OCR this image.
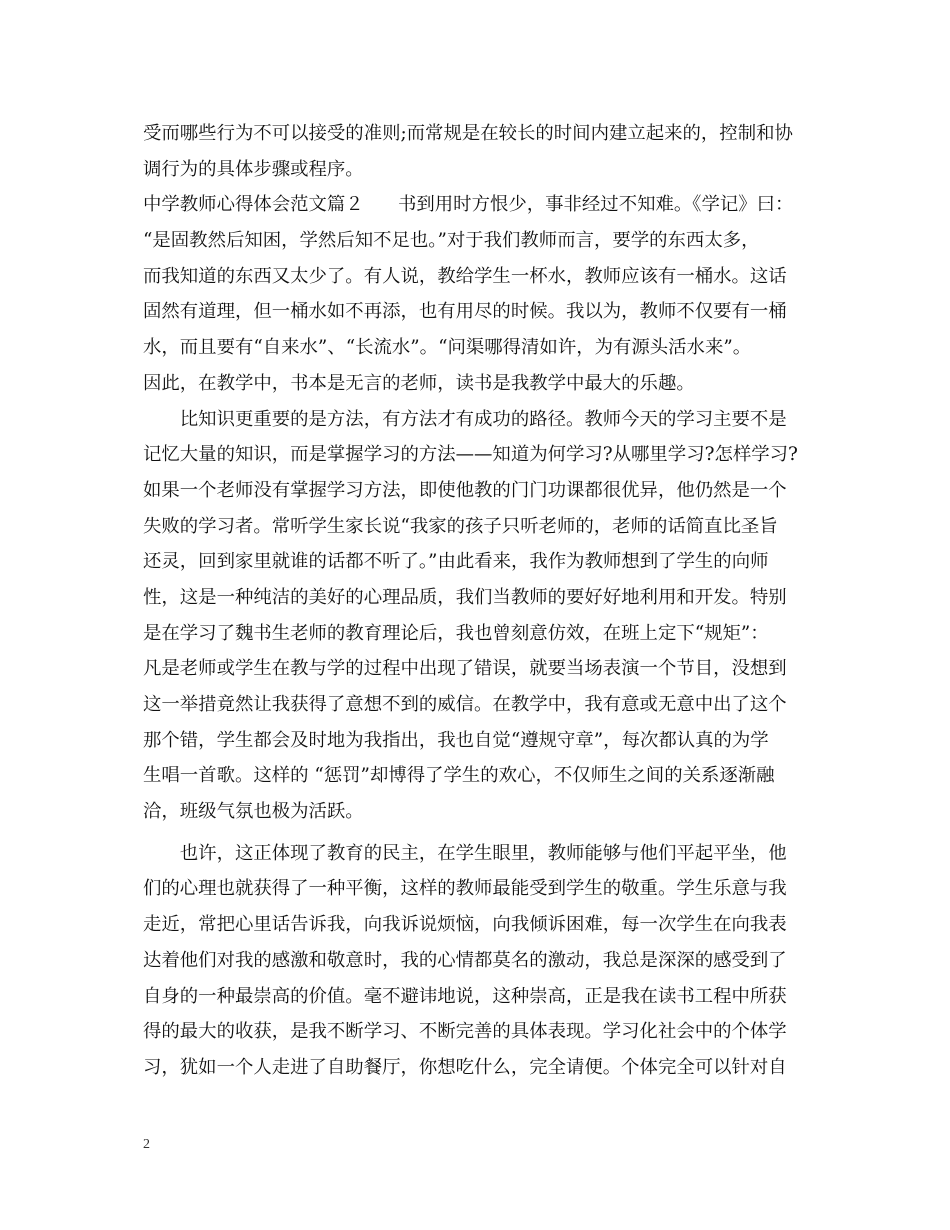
受而哪些行为不可以接受的准则;而常规是在较长的时间内建立起来的，控制和协
调行为的具体步骤或程序。
中学教师心得体会范文篇２ 书到用时方恨少，事非经过不知难。《学记》曰：
“是固教然后知困，学然后知不足也。”对于我们教师而言，要学的东西太多，
而我知道的东西又太少了。有人说，教给学生一杯水，教师应该有一桶水。这话
固然有道理，但一桶水如不再添，也有用尽的时候。我以为，教师不仅要有一桶
水，而且要有“自来水”、“长流水”。“问渠哪得清如许，为有源头活水来”。
因此，在教学中，书本是无言的老师，读书是我教学中最大的乐趣。
　　比知识更重要的是方法，有方法才有成功的路径。教师今天的学习主要不是
记忆大量的知识，而是掌握学习的方法——知道为何学习?从哪里学习?怎样学习?
如果一个老师没有掌握学习方法，即使他教的门门功课都很优异，他仍然是一个
失败的学习者。常听学生家长说“我家的孩子只听老师的，老师的话简直比圣旨
还灵，回到家里就谁的话都不听了。”由此看来，我作为教师想到了学生的向师
性，这是一种纯洁的美好的心理品质，我们当教师的要好好地利用和开发。特别
是在学习了魏书生老师的教育理论后，我也曾刻意仿效，在班上定下“规矩”：
凡是老师或学生在教与学的过程中出现了错误，就要当场表演一个节目，没想到
这一举措竟然让我获得了意想不到的威信。在教学中，我有意或无意中出了这个
那个错，学生都会及时地为我指出，我也自觉“遵规守章”，每次都认真的为学
生唱一首歌。这样的 “惩罚”却博得了学生的欢心，不仅师生之间的关系逐渐融
洽，班级气氛也极为活跃。
　　也许，这正体现了教育的民主，在学生眼里，教师能够与他们平起平坐，他
们的心理也就获得了一种平衡，这样的教师最能受到学生的敬重。学生乐意与我
走近，常把心里话告诉我，向我诉说烦恼，向我倾诉困难，每一次学生在向我表
达着他们对我的感激和敬意时，我的心情都莫名的激动，我总是深深的感受到了
自身的一种最崇高的价值。毫不避讳地说，这种崇高，正是我在读书工程中所获
得的最大的收获，是我不断学习、不断完善的具体表现。学习化社会中的个体学
习，犹如一个人走进了自助餐厅，你想吃什么，完全请便。个体完全可以针对自
2
